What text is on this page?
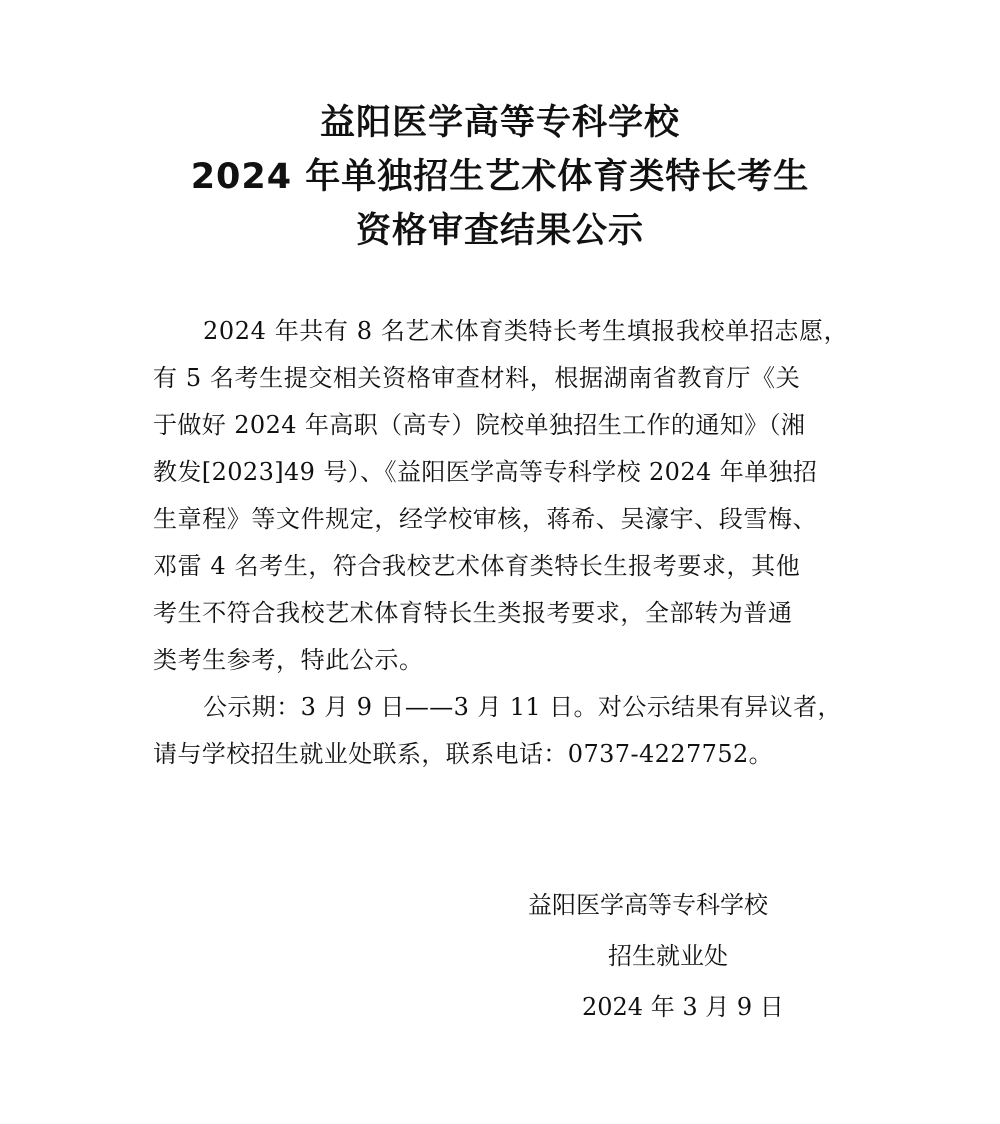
益阳医学高等专科学校
2024 年单独招生艺术体育类特长考生
资格审查结果公示
2024 年共有 8 名艺术体育类特长考生填报我校单招志愿，
有 5 名考生提交相关资格审查材料，根据湖南省教育厅《关
于做好 2024 年高职（高专）院校单独招生工作的通知》（湘
教发[2023]49 号）、《益阳医学高等专科学校 2024 年单独招
生章程》等文件规定，经学校审核，蒋希、吴濠宇、段雪梅、
邓雷 4 名考生，符合我校艺术体育类特长生报考要求，其他
考生不符合我校艺术体育特长生类报考要求，全部转为普通
类考生参考，特此公示。
公示期：3 月 9 日——3 月 11 日。对公示结果有异议者，
请与学校招生就业处联系，联系电话：0737-4227752。
益阳医学高等专科学校
招生就业处
2024 年 3 月 9 日
